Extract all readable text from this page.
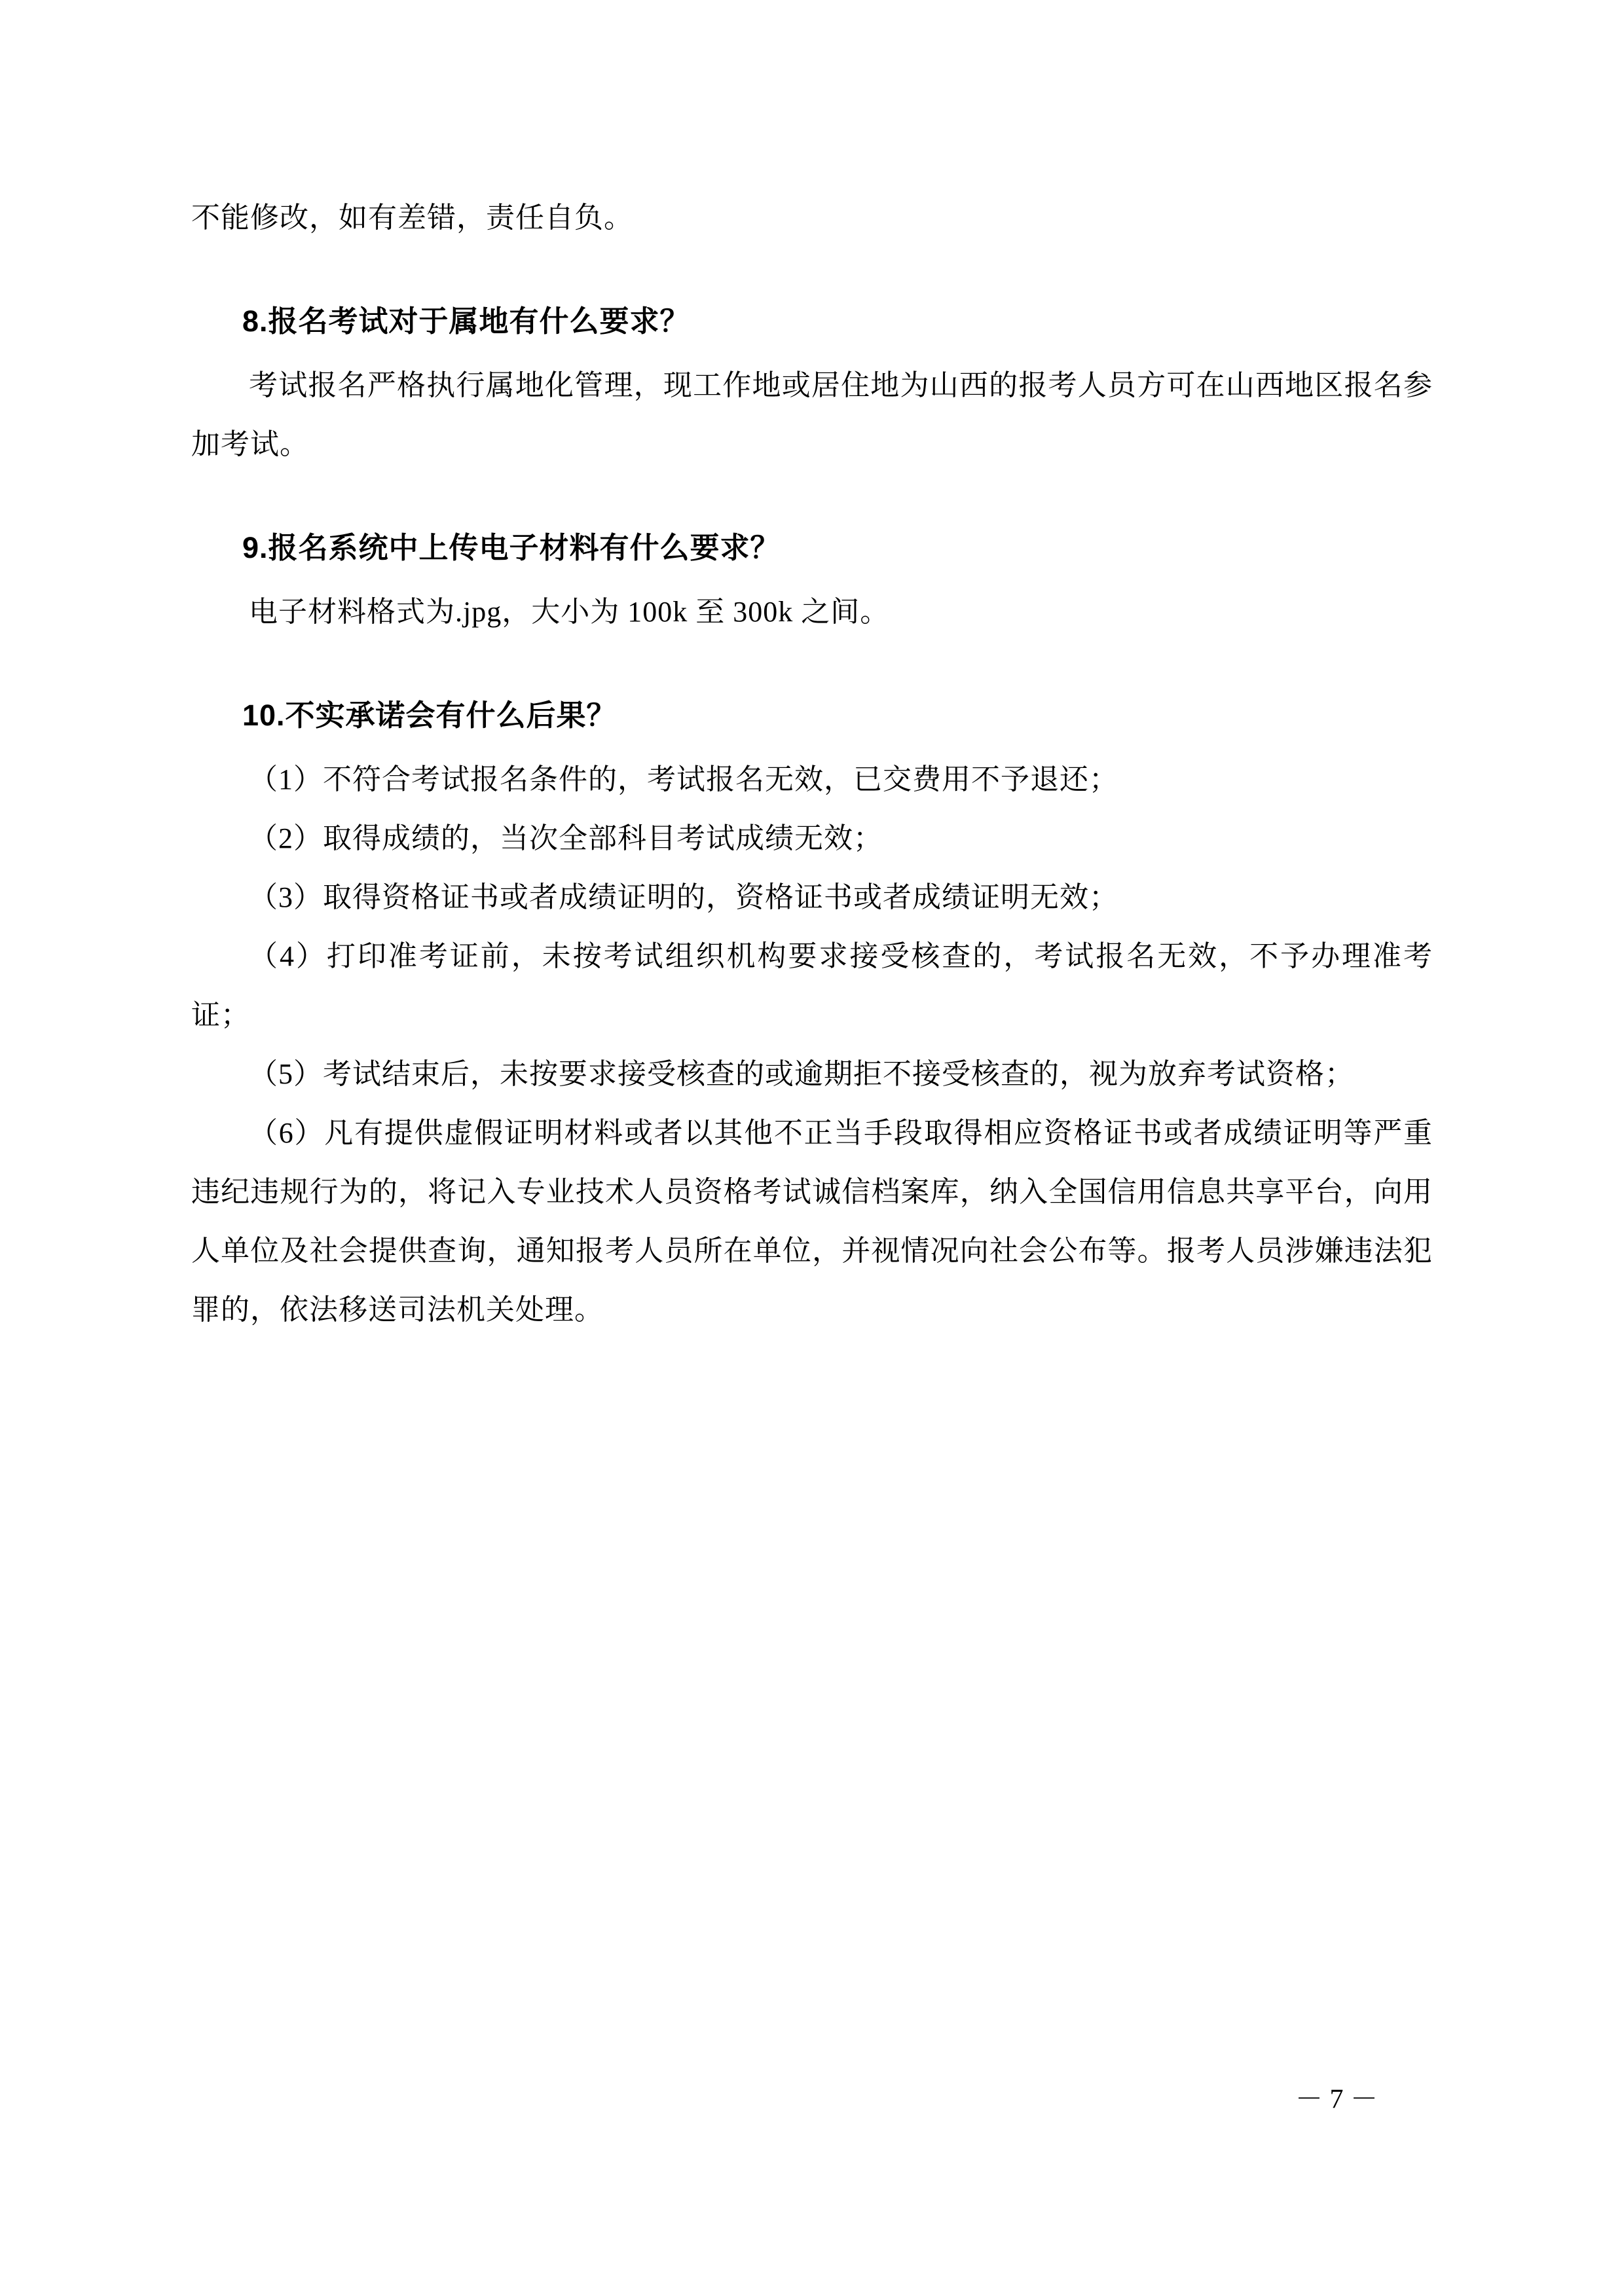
不能修改，如有差错，责任自负。

8.报名考试对于属地有什么要求？

考试报名严格执行属地化管理，现工作地或居住地为山西的报考人员方可在山西地区报名参加考试。

9.报名系统中上传电子材料有什么要求？

电子材料格式为.jpg，大小为 100k 至 300k 之间。

10.不实承诺会有什么后果？

（1）不符合考试报名条件的，考试报名无效，已交费用不予退还；

（2）取得成绩的，当次全部科目考试成绩无效；

（3）取得资格证书或者成绩证明的，资格证书或者成绩证明无效；

（4）打印准考证前，未按考试组织机构要求接受核查的，考试报名无效，不予办理准考证；

（5）考试结束后，未按要求接受核查的或逾期拒不接受核查的，视为放弃考试资格；

（6）凡有提供虚假证明材料或者以其他不正当手段取得相应资格证书或者成绩证明等严重违纪违规行为的，将记入专业技术人员资格考试诚信档案库，纳入全国信用信息共享平台，向用人单位及社会提供查询，通知报考人员所在单位，并视情况向社会公布等。报考人员涉嫌违法犯罪的，依法移送司法机关处理。

－ 7 －
